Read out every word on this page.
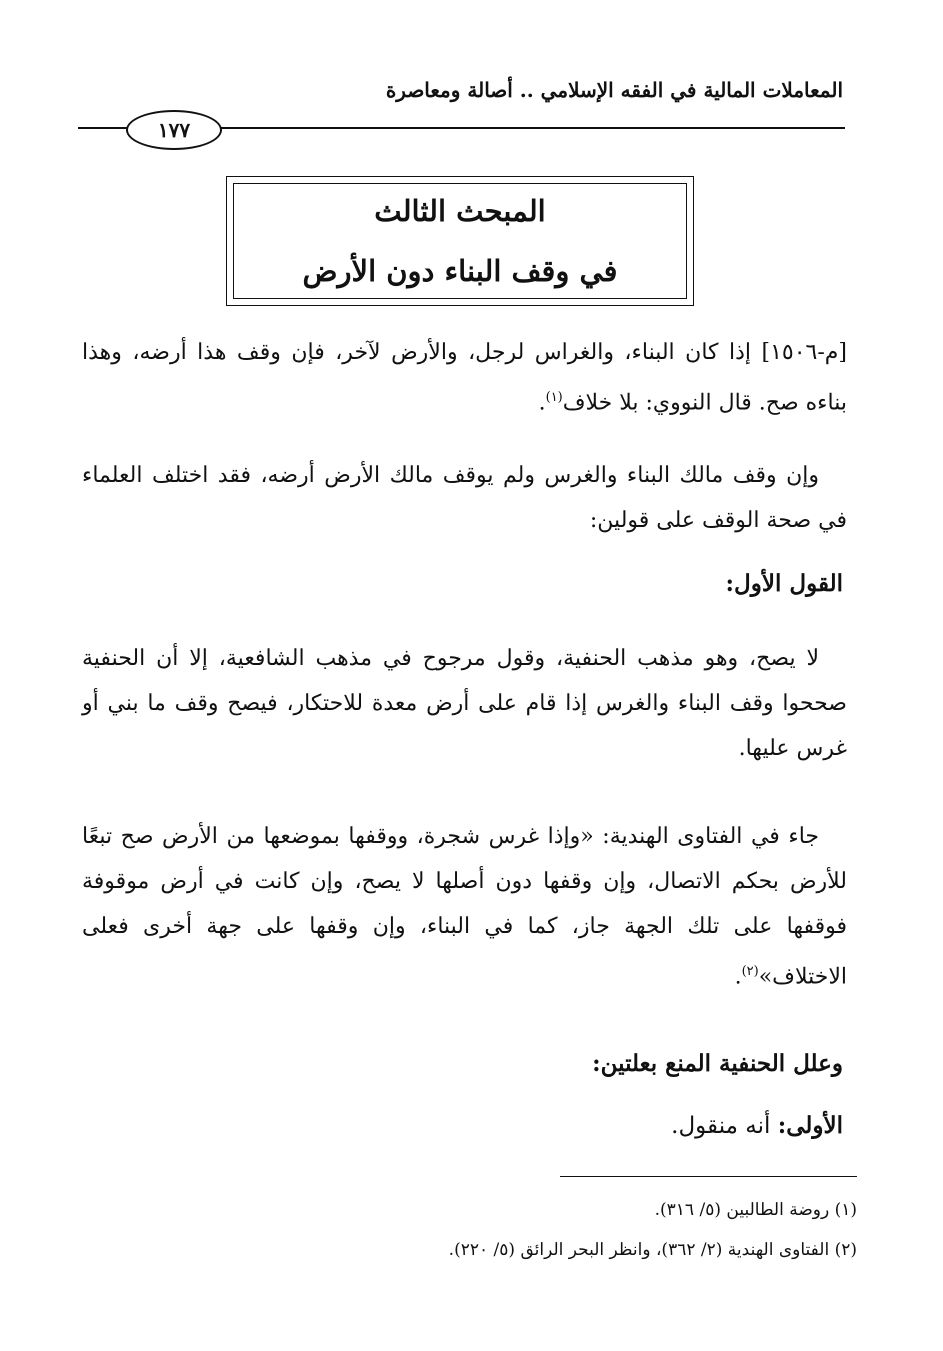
المعاملات المالية في الفقه الإسلامي .. أصالة ومعاصرة
١٧٧
المبحث الثالث
في وقف البناء دون الأرض
[م-١٥٠٦] إذا كان البناء، والغراس لرجل، والأرض لآخر، فإن وقف هذا أرضه، وهذا بناءه صح. قال النووي: بلا خلاف$^{(١)}$.
وإن وقف مالك البناء والغرس ولم يوقف مالك الأرض أرضه، فقد اختلف العلماء في صحة الوقف على قولين:
القول الأول:
لا يصح، وهو مذهب الحنفية، وقول مرجوح في مذهب الشافعية، إلا أن الحنفية صححوا وقف البناء والغرس إذا قام على أرض معدة للاحتكار، فيصح وقف ما بني أو غرس عليها.
جاء في الفتاوى الهندية: «وإذا غرس شجرة، ووقفها بموضعها من الأرض صح تبعًا للأرض بحكم الاتصال، وإن وقفها دون أصلها لا يصح، وإن كانت في أرض موقوفة فوقفها على تلك الجهة جاز، كما في البناء، وإن وقفها على جهة أخرى فعلى الاختلاف»$^{(٢)}$.
وعلل الحنفية المنع بعلتين:
الأولى: أنه منقول.
(١) روضة الطالبين (٥/ ٣١٦).
(٢) الفتاوى الهندية (٢/ ٣٦٢)، وانظر البحر الرائق (٥/ ٢٢٠).
